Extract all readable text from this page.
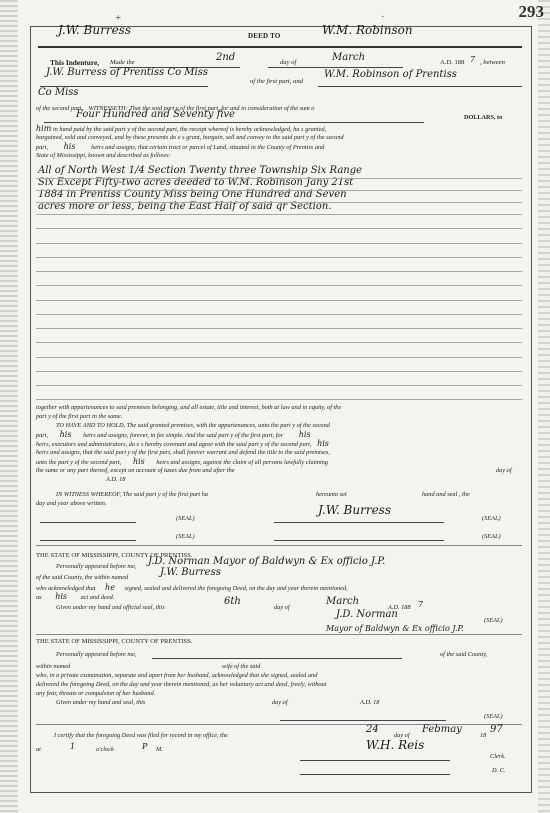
+	·	293
J.W. Burress	DEED TO	W.M. Robinson
This Indenture, Made the	2nd	day of	March	A.D. 188 7 , between
J.W. Burress of Prentiss Co Miss
of the first part, and
W.M. Robinson of Prentiss
Co Miss
of the second part, WITNESSETH: That the said part y of the first part, for and in consideration of the sum o
Four Hundred and Seventy five	DOLLARS, to
him in hand paid by the said part y of the second part, the receipt whereof is hereby acknowledged, ha s granted,
bargained, sold and conveyed, and by these presents do e s grant, bargain, sell and convey to the said part y of the second
part, his heirs and assigns, that certain tract or parcel of Land, situated in the County of Prentiss and
State of Mississippi, known and described as follows:
All of North West 1/4 Section Twenty three Township Six Range
Six Except Fifty-two acres deeded to W.M. Robinson Jany 21st
1884 in Prentiss County Miss being One Hundred and Seven
acres more or less, being the East Half of said qr Section.
together with appurtenances to said premises belonging, and all estate, title and interest, both at law and in equity, of the
part y of the first part in the same.
TO HAVE AND TO HOLD, The said granted premises, with the appurtenances, unto the part y of the second
part, his heirs and assigns, forever, in fee simple. And the said part y of the first part, for his
heirs, executors and administrators, do e s hereby covenant and agree with the said part y of the second part, his
heirs and assigns, that the said part y of the first part, shall forever warrant and defend the title to the said premises,
unto the part y of the second part, his heirs and assigns, against the claim of all persons lawfully claiming
the same or any part thereof, except on account of taxes due from and after the	day of
A.D. 18
IN WITNESS WHEREOF, The said part y of the first part ha	hereunto set	hand and seal , the
day and year above written.
(SEAL)
J.W. Burress
(SEAL)
(SEAL)	(SEAL)
THE STATE OF MISSISSIPPI, COUNTY OF PRENTISS.
Personally appeared before me, J.D. Norman Mayor of Baldwyn & Ex officio J.P.
of the said County, the within named	J.W. Burress
who acknowledged that he signed, sealed and delivered the foregoing Deed, on the day and year therein mentioned,
as his act and deed.
Given under my hand and official seal, this
6th
day of
March
A.D. 188 7
J.D. Norman
(SEAL)
Mayor of Baldwyn & Ex officio J.P.
THE STATE OF MISSISSIPPI, COUNTY OF PRENTISS.
Personally appeared before me,	of the said County,
within named	wife of the said
who, in a private examination, separate and apart from her husband, acknowledged that she signed, sealed and
delivered the foregoing Deed, on the day and year therein mentioned, as her voluntary act and deed, freely, without
any fear, threats or compulsion of her husband.
Given under my hand and seal, this	day of	A.D. 18
(SEAL)
I certify that the foregoing Deed was filed for record in my office, the
24
day of
Febmay
18
97
at	1	o'clock	P M.	W.H. Reis
Clerk.
D. C.
